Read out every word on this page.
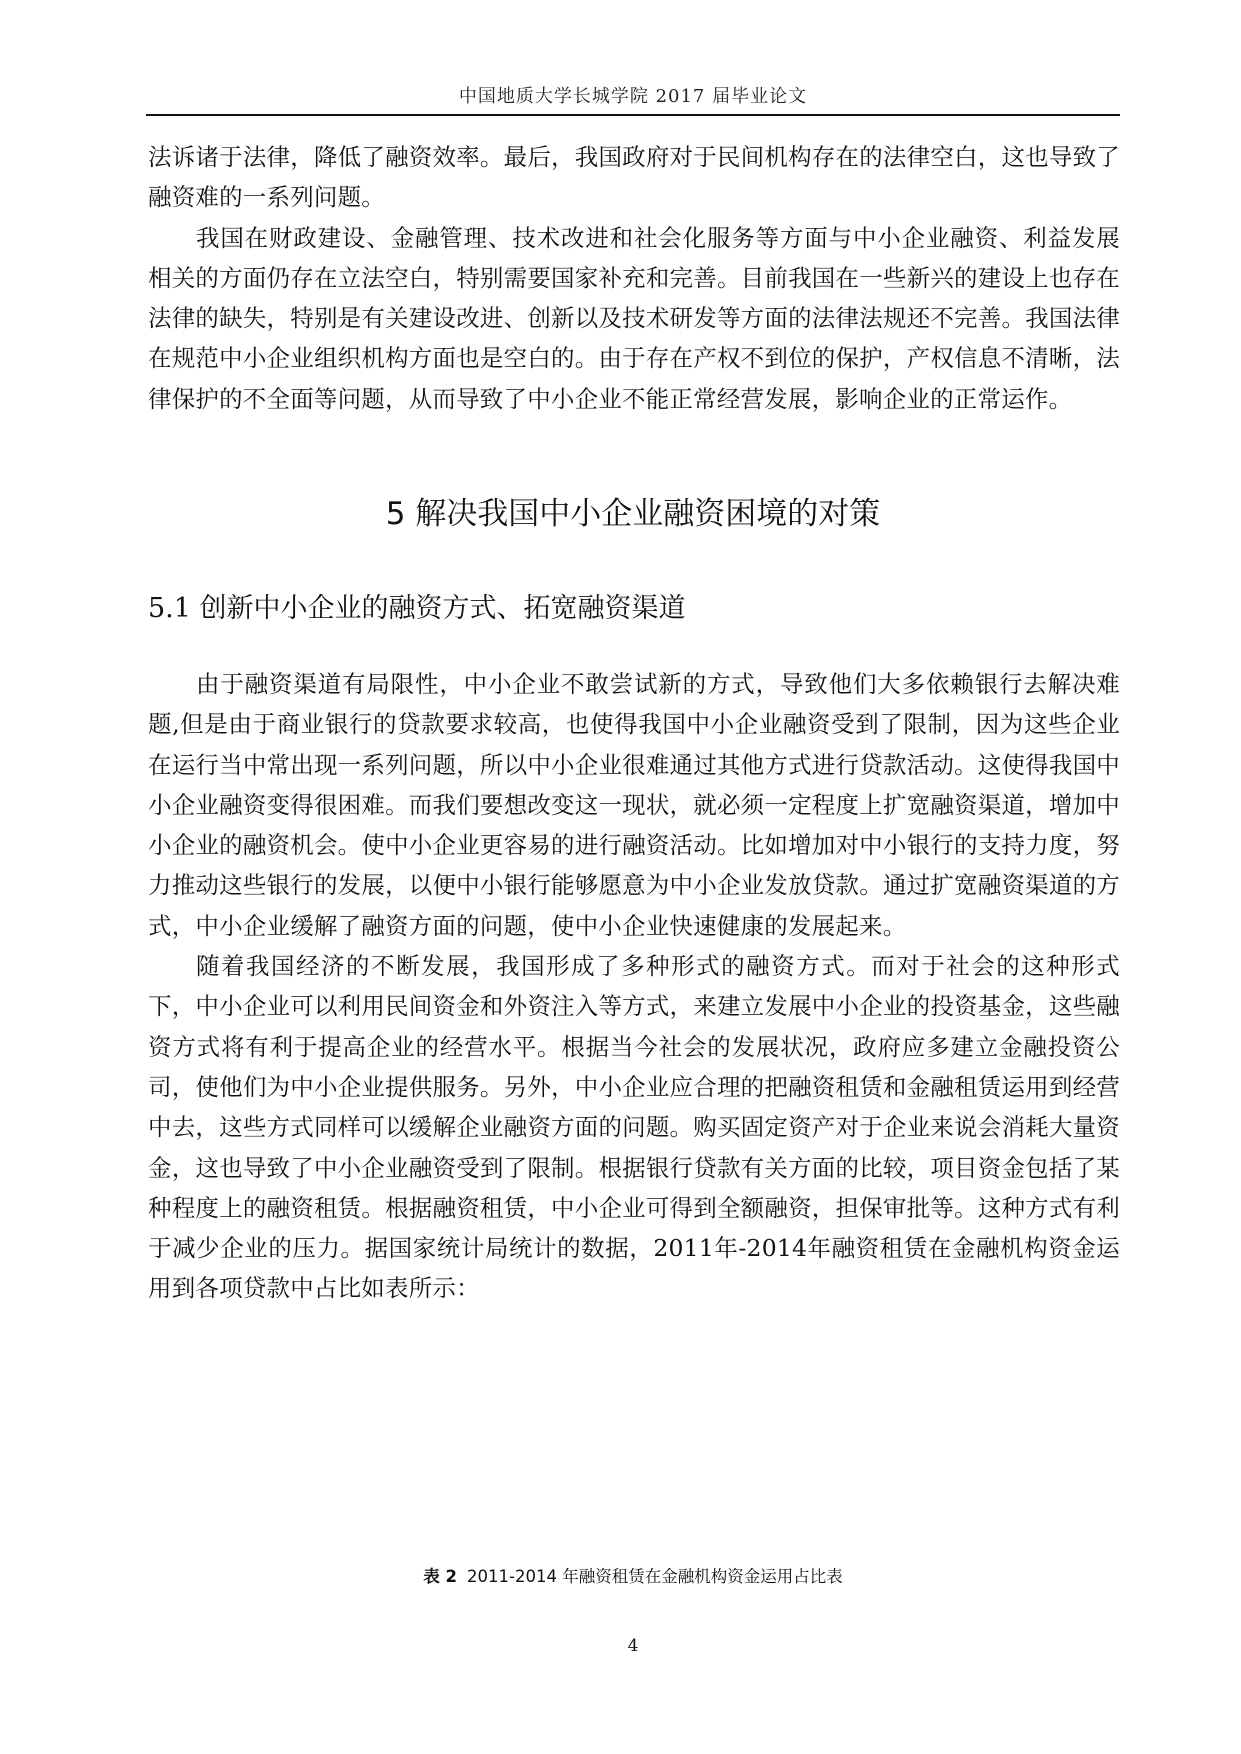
中国地质大学长城学院 2017 届毕业论文

法诉诸于法律，降低了融资效率。最后，我国政府对于民间机构存在的法律空白，这也导致了融资难的一系列问题。

我国在财政建设、金融管理、技术改进和社会化服务等方面与中小企业融资、利益发展相关的方面仍存在立法空白，特别需要国家补充和完善。目前我国在一些新兴的建设上也存在法律的缺失，特别是有关建设改进、创新以及技术研发等方面的法律法规还不完善。我国法律在规范中小企业组织机构方面也是空白的。由于存在产权不到位的保护，产权信息不清晰，法律保护的不全面等问题，从而导致了中小企业不能正常经营发展，影响企业的正常运作。

5 解决我国中小企业融资困境的对策
5.1 创新中小企业的融资方式、拓宽融资渠道

由于融资渠道有局限性，中小企业不敢尝试新的方式，导致他们大多依赖银行去解决难题,但是由于商业银行的贷款要求较高，也使得我国中小企业融资受到了限制，因为这些企业在运行当中常出现一系列问题，所以中小企业很难通过其他方式进行贷款活动。这使得我国中小企业融资变得很困难。而我们要想改变这一现状，就必须一定程度上扩宽融资渠道，增加中小企业的融资机会。使中小企业更容易的进行融资活动。比如增加对中小银行的支持力度，努力推动这些银行的发展，以便中小银行能够愿意为中小企业发放贷款。通过扩宽融资渠道的方式，中小企业缓解了融资方面的问题，使中小企业快速健康的发展起来。

随着我国经济的不断发展，我国形成了多种形式的融资方式。而对于社会的这种形式下，中小企业可以利用民间资金和外资注入等方式，来建立发展中小企业的投资基金，这些融资方式将有利于提高企业的经营水平。根据当今社会的发展状况，政府应多建立金融投资公司，使他们为中小企业提供服务。另外，中小企业应合理的把融资租赁和金融租赁运用到经营中去，这些方式同样可以缓解企业融资方面的问题。购买固定资产对于企业来说会消耗大量资金，这也导致了中小企业融资受到了限制。根据银行贷款有关方面的比较，项目资金包括了某种程度上的融资租赁。根据融资租赁，中小企业可得到全额融资，担保审批等。这种方式有利于减少企业的压力。据国家统计局统计的数据，2011年-2014年融资租赁在金融机构资金运用到各项贷款中占比如表所示：

表 2 2011-2014 年融资租赁在金融机构资金运用占比表
4
